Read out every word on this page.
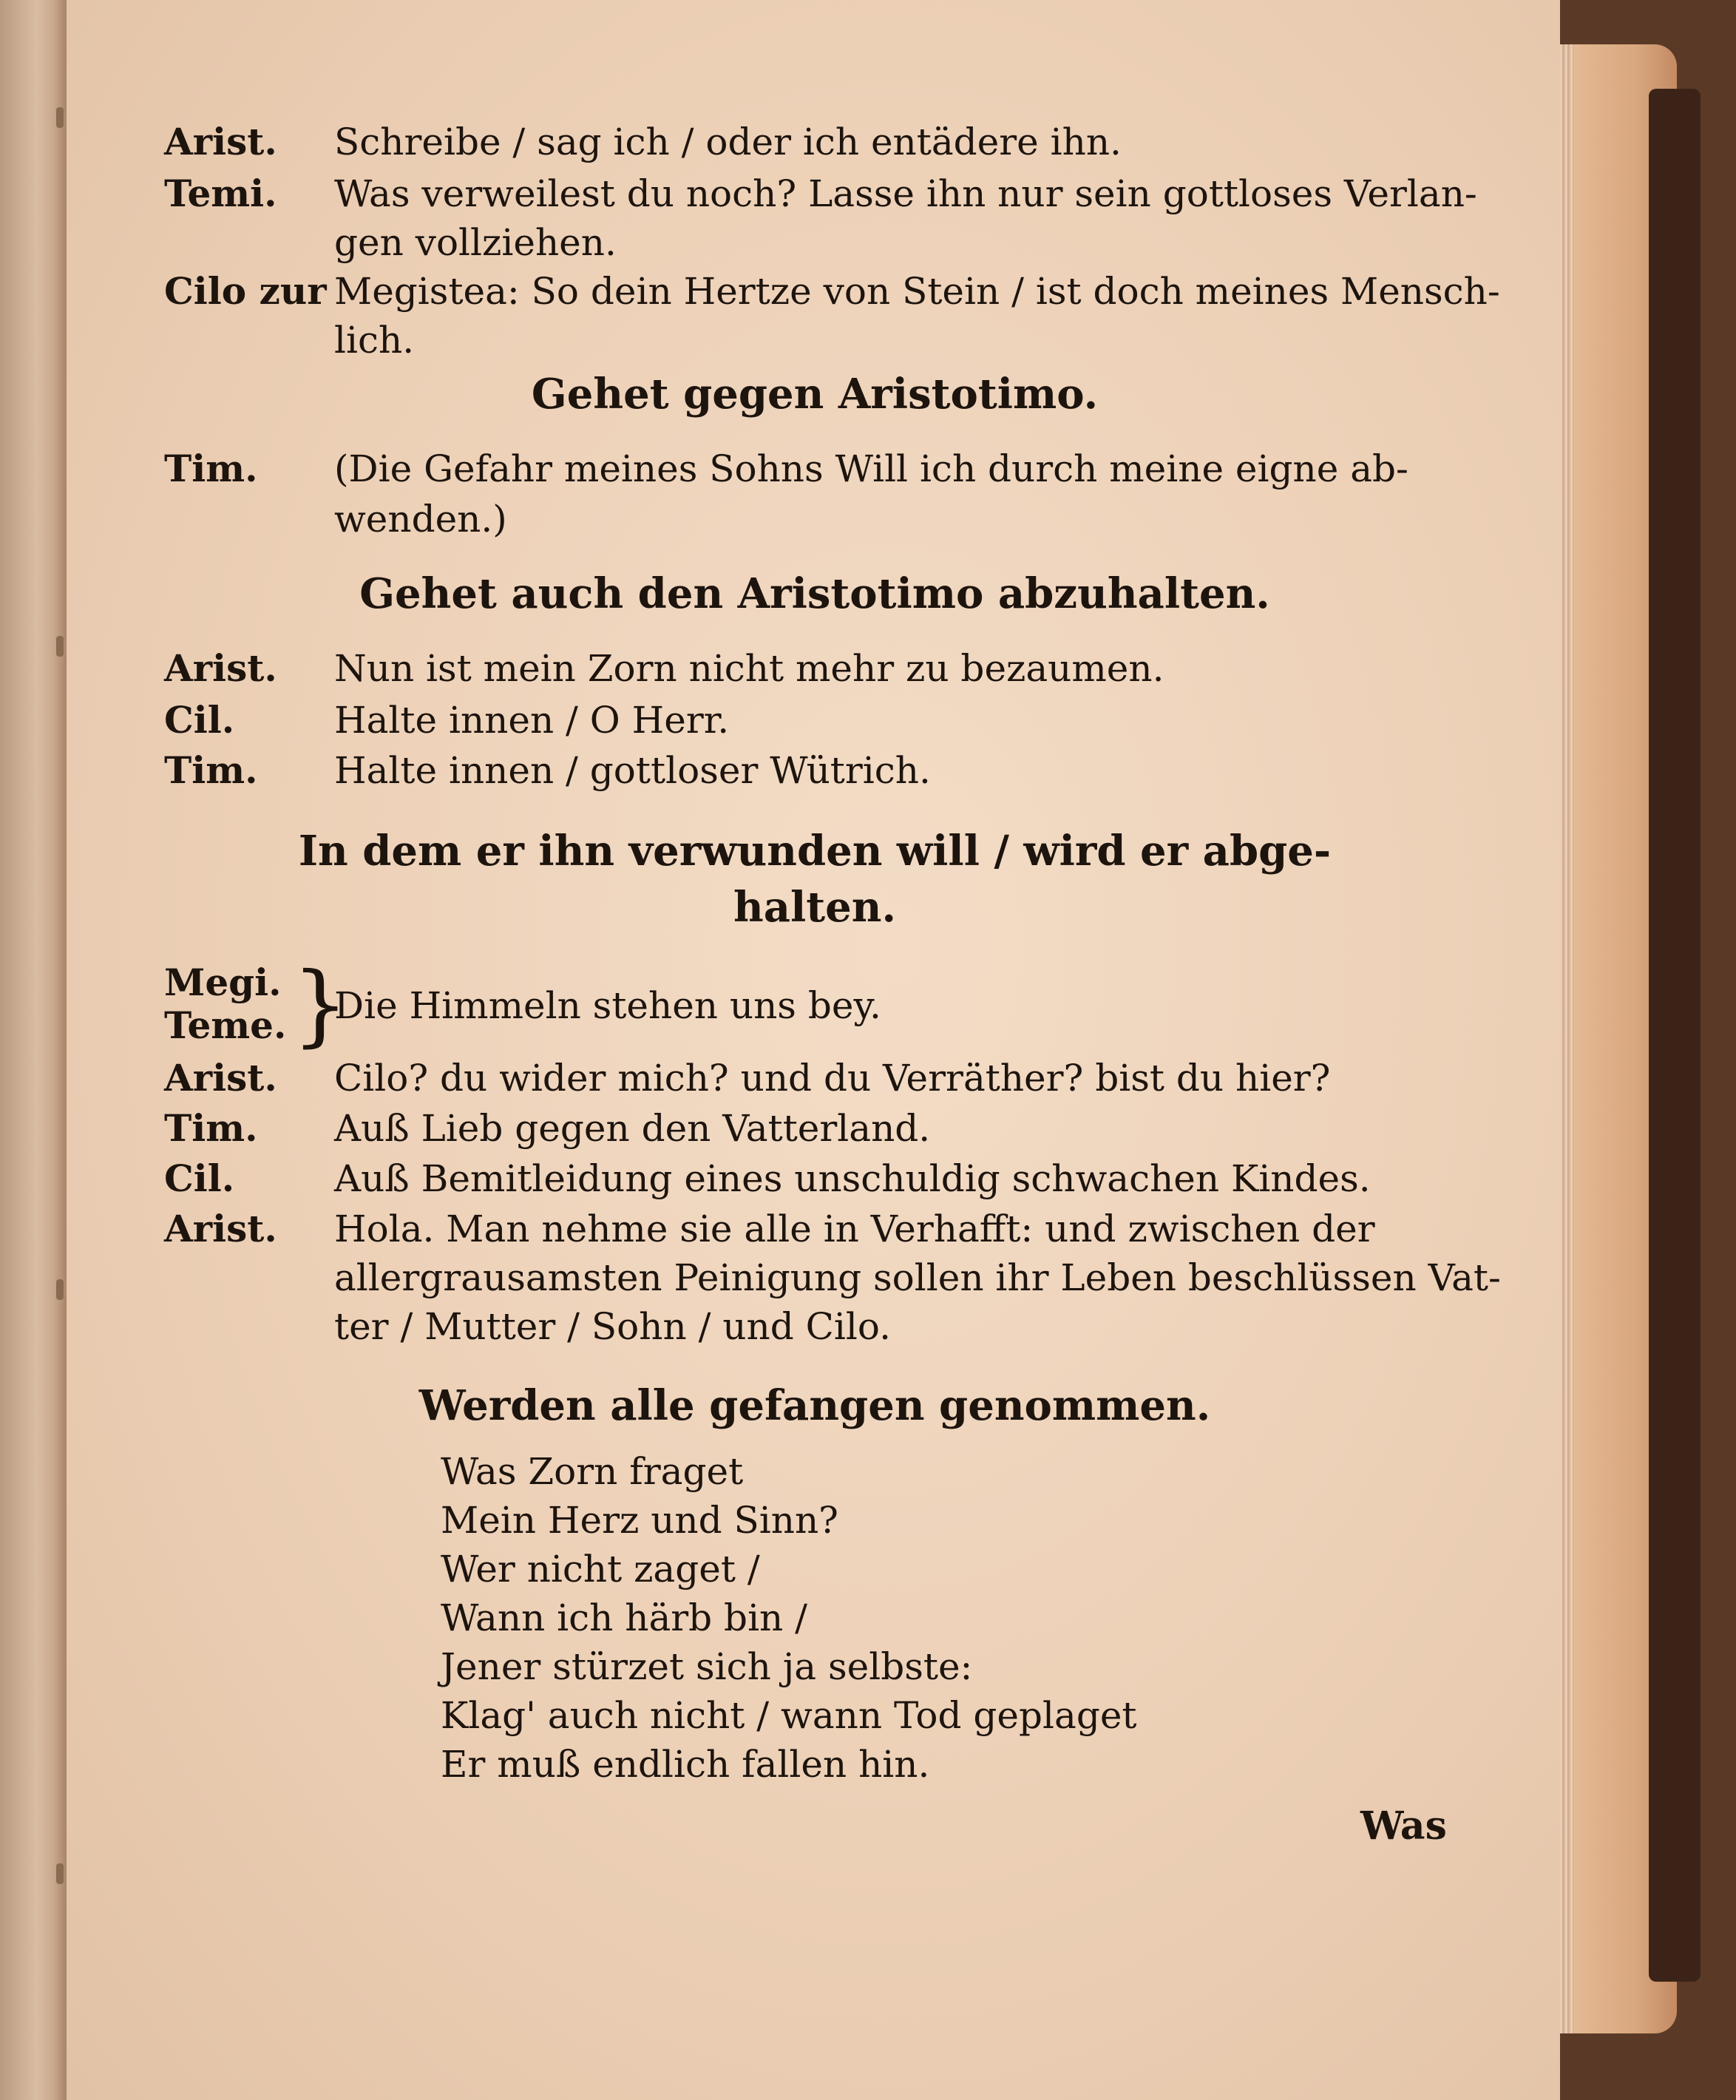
Arist. Schreibe / sag ich / oder ich entädere ihn.
Temi. Was verweilest du noch? Lasse ihn nur sein gottloses Verlan-
gen vollziehen.
Cilo zur Megistea: So dein Hertze von Stein / ist doch meines Mensch-
lich.
Gehet gegen Aristotimo.
Tim. (Die Gefahr meines Sohns Will ich durch meine eigne ab-
wenden.)
Gehet auch den Aristotimo abzuhalten.
Arist. Nun ist mein Zorn nicht mehr zu bezaumen.
Cil.	Halte innen / O Herr.
Tim. Halte innen / gottloser Wütrich.
In dem er ihn verwunden will / wird er abge-
halten.
Megi.
Teme. Die Himmeln stehen uns bey.
}
Arist. Cilo? du wider mich? und du Verräther? bist du hier?
Tim. Auß Lieb gegen den Vatterland.
Cil.	Auß Bemitleidung eines unschuldig schwachen Kindes.
Arist. Hola. Man nehme sie alle in Verhafft: und zwischen der
allergrausamsten Peinigung sollen ihr Leben beschlüssen Vat-
ter / Mutter / Sohn / und Cilo.
Werden alle gefangen genommen.
Was Zorn fraget
Mein Herz und Sinn?
Wer nicht zaget /
Wann ich härb bin /
Jener stürzet sich ja selbste:
Klag' auch nicht / wann Tod geplaget
Er muß endlich fallen hin.
Was
